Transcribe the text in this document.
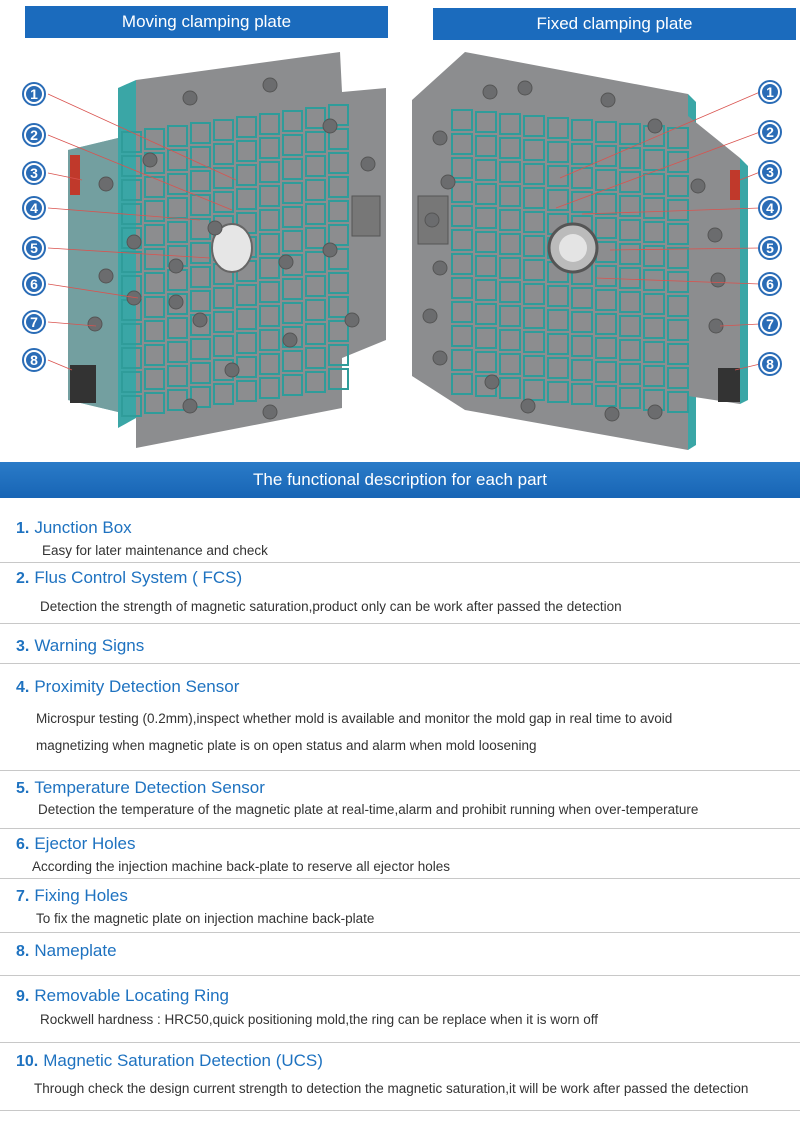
Moving clamping plate	Fixed clamping plate
1
2
3
4
5
6
7
8
1
2
3
4
5
6
7
8
The functional description for each part
1. Junction Box
Easy for later maintenance and check
2. Flus Control System ( FCS)
Detection the strength of magnetic saturation,product only can be work after passed the detection
3. Warning Signs
4. Proximity Detection Sensor
Microspur testing (0.2mm),inspect whether mold is available and monitor the mold gap in real time to avoid
magnetizing when magnetic plate is on open status and alarm when mold loosening
5. Temperature Detection Sensor
Detection the temperature of the magnetic plate at real-time,alarm and prohibit running when over-temperature
6. Ejector Holes
According the injection machine back-plate to reserve all ejector holes
7. Fixing Holes
To fix the magnetic plate on injection machine back-plate
8. Nameplate
9. Removable Locating Ring
Rockwell hardness : HRC50,quick positioning mold,the ring can be replace when it is worn off
10. Magnetic Saturation Detection (UCS)
Through check the design current strength to detection the magnetic saturation,it will be work after passed the detection
